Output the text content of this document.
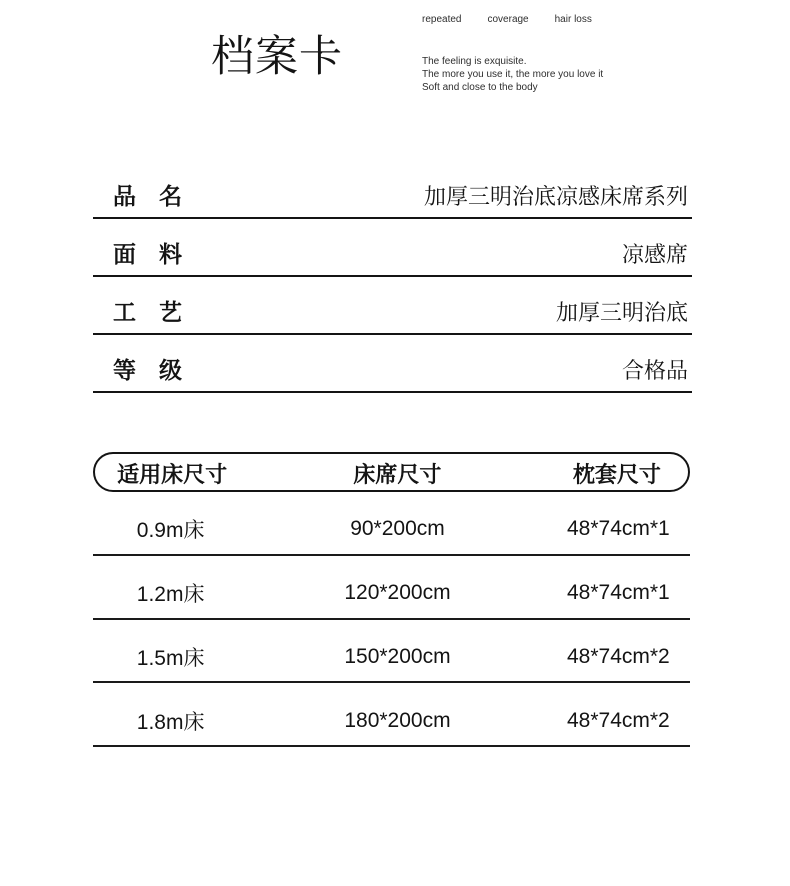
档案卡
repeated	coverage	hair loss
The feeling is exquisite.
The more you use it, the more you love it
Soft and close to the body
品　名	加厚三明治底凉感床席系列
面　料	凉感席
工　艺	加厚三明治底
等　级	合格品
适用床尺寸	床席尺寸	枕套尺寸
0.9m床	90*200cm	48*74cm*1
1.2m床	120*200cm	48*74cm*1
1.5m床	150*200cm	48*74cm*2
1.8m床	180*200cm	48*74cm*2
